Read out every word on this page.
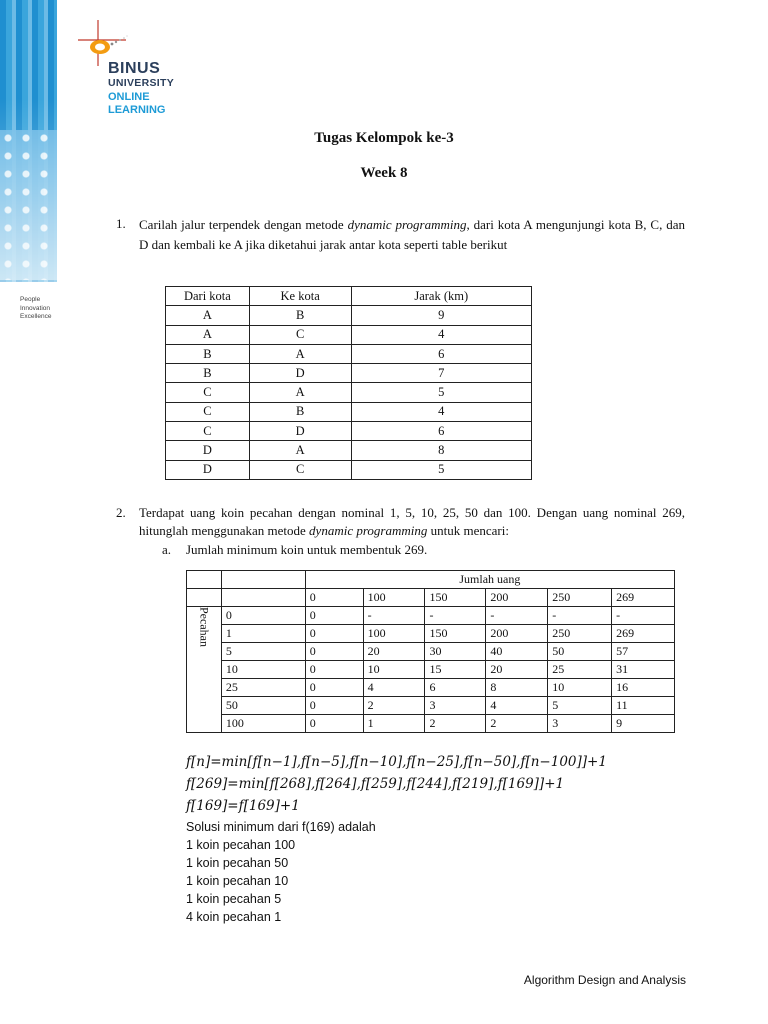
People
Innovation
Excellence
BINUS
UNIVERSITY
ONLINE
LEARNING
Tugas Kelompok ke-3
Week 8
1. Carilah jalur terpendek dengan metode dynamic programming, dari kota A mengunjungi kota B, C, dan D dan kembali ke A jika diketahui jarak antar kota seperti table berikut
Dari kota	Ke kota	Jarak (km)
A	B	9
A	C	4
B	A	6
B	D	7
C	A	5
C	B	4
C	D	6
D	A	8
D	C	5
2. Terdapat uang koin pecahan dengan nominal 1, 5, 10, 25, 50 dan 100. Dengan uang nominal 269, hitunglah menggunakan metode dynamic programming untuk mencari:
a. Jumlah minimum koin untuk membentuk 269.
		Jumlah uang					
		0	100	150	200	250	269
Pecahan	0	0	-	-	-	-	-
	1	0	100	150	200	250	269
	5	0	20	30	40	50	57
	10	0	10	15	20	25	31
	25	0	4	6	8	10	16
	50	0	2	3	4	5	11
	100	0	1	2	2	3	9
f[n]=min[f[n−1],f[n−5],f[n−10],f[n−25],f[n−50],f[n−100]]+1
f[269]=min[f[268],f[264],f[259],f[244],f[219],f[169]]+1
f[169]=f[169]+1
Solusi minimum dari f(169) adalah
1 koin pecahan 100
1 koin pecahan 50
1 koin pecahan 10
1 koin pecahan 5
4 koin pecahan 1
Algorithm Design and Analysis
